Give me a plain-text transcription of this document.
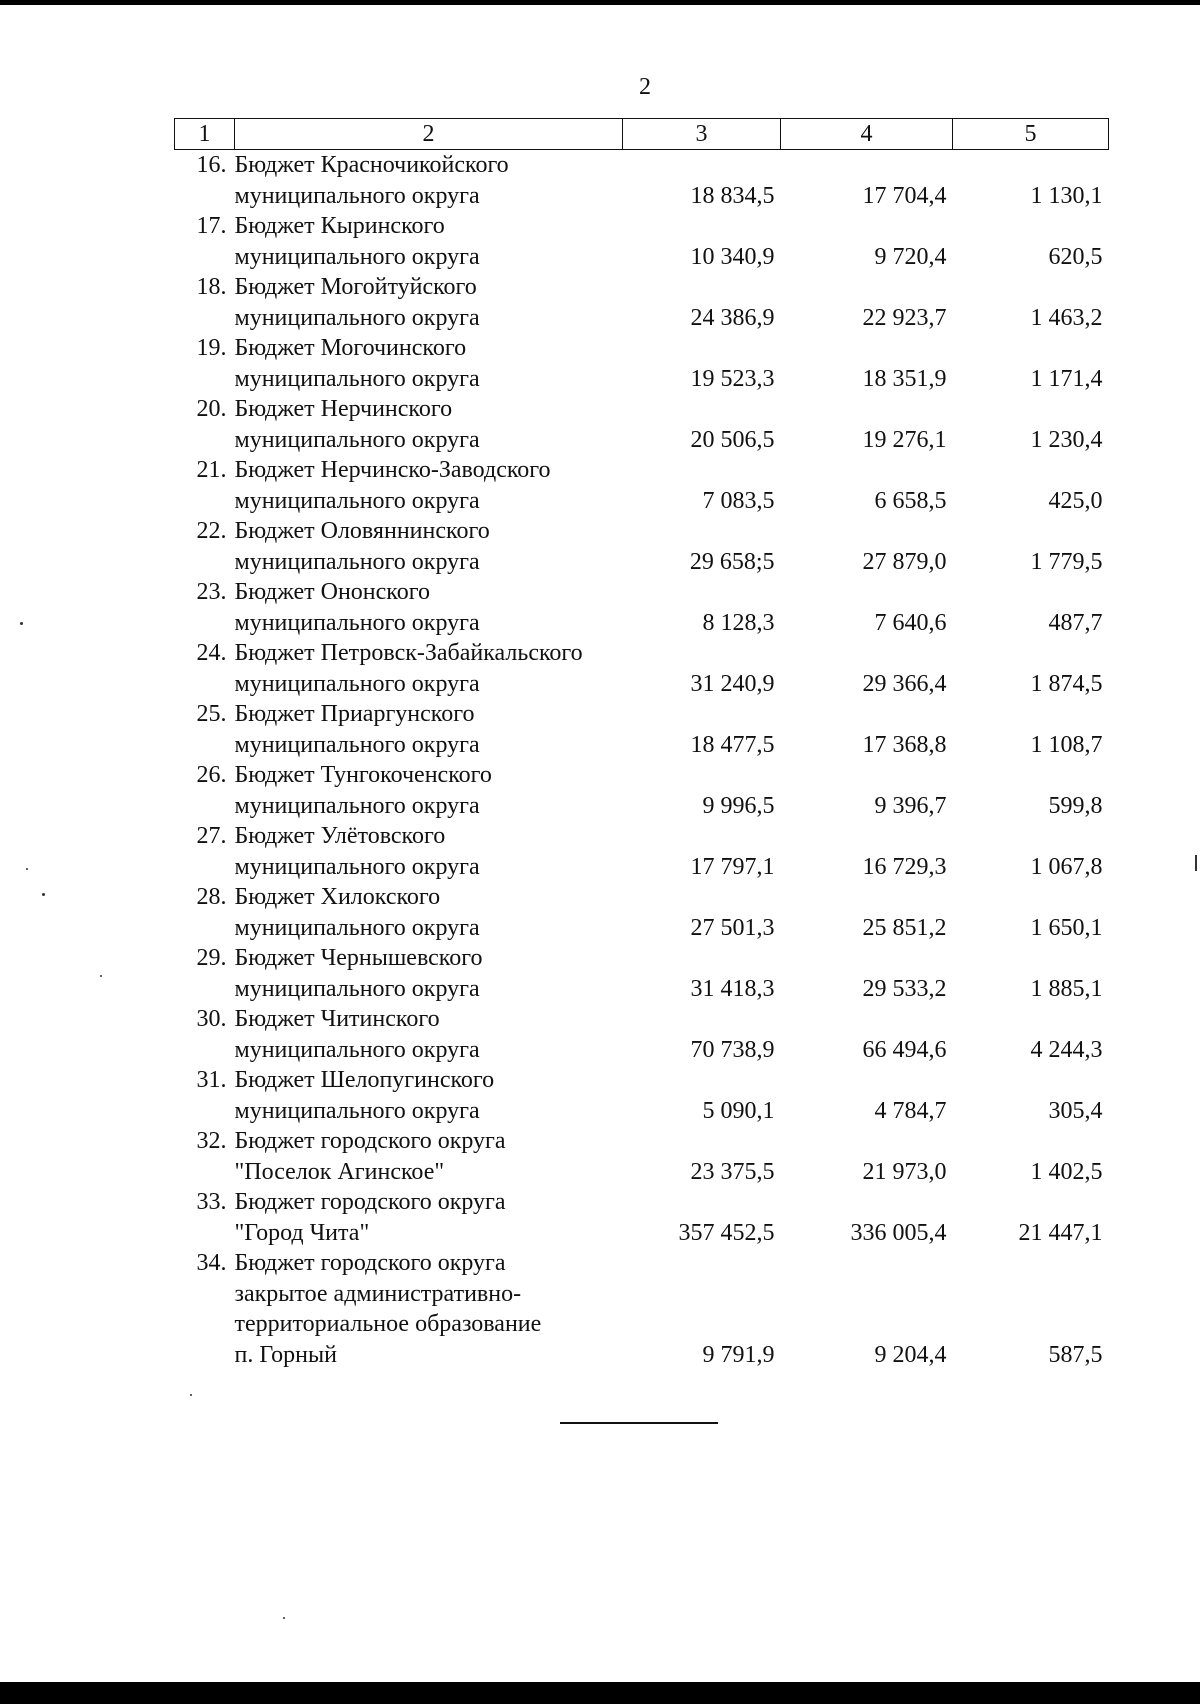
2
1	2	3	4	5
16.	Бюджет Красночикойского
муниципального округа	18 834,5	17 704,4	1 130,1
17.	Бюджет Кыринского
муниципального округа	10 340,9	9 720,4	620,5
18.	Бюджет Могойтуйского
муниципального округа	24 386,9	22 923,7	1 463,2
19.	Бюджет Могочинского
муниципального округа	19 523,3	18 351,9	1 171,4
20.	Бюджет Нерчинского
муниципального округа	20 506,5	19 276,1	1 230,4
21.	Бюджет Нерчинско-Заводского
муниципального округа	7 083,5	6 658,5	425,0
22.	Бюджет Оловяннинского
муниципального округа	29 658;5	27 879,0	1 779,5
23.	Бюджет Ононского
муниципального округа	8 128,3	7 640,6	487,7
24.	Бюджет Петровск-Забайкальского
муниципального округа	31 240,9	29 366,4	1 874,5
25.	Бюджет Приаргунского
муниципального округа	18 477,5	17 368,8	1 108,7
26.	Бюджет Тунгокоченского
муниципального округа	9 996,5	9 396,7	599,8
27.	Бюджет Улётовского
муниципального округа	17 797,1	16 729,3	1 067,8
28.	Бюджет Хилокского
муниципального округа	27 501,3	25 851,2	1 650,1
29.	Бюджет Чернышевского
муниципального округа	31 418,3	29 533,2	1 885,1
30.	Бюджет Читинского
муниципального округа	70 738,9	66 494,6	4 244,3
31.	Бюджет Шелопугинского
муниципального округа	5 090,1	4 784,7	305,4
32.	Бюджет городского округа
"Поселок Агинское"	23 375,5	21 973,0	1 402,5
33.	Бюджет городского округа
"Город Чита"	357 452,5	336 005,4	21 447,1
34.	Бюджет городского округа
закрытое административно-
территориальное образование
п. Горный	9 791,9	9 204,4	587,5
